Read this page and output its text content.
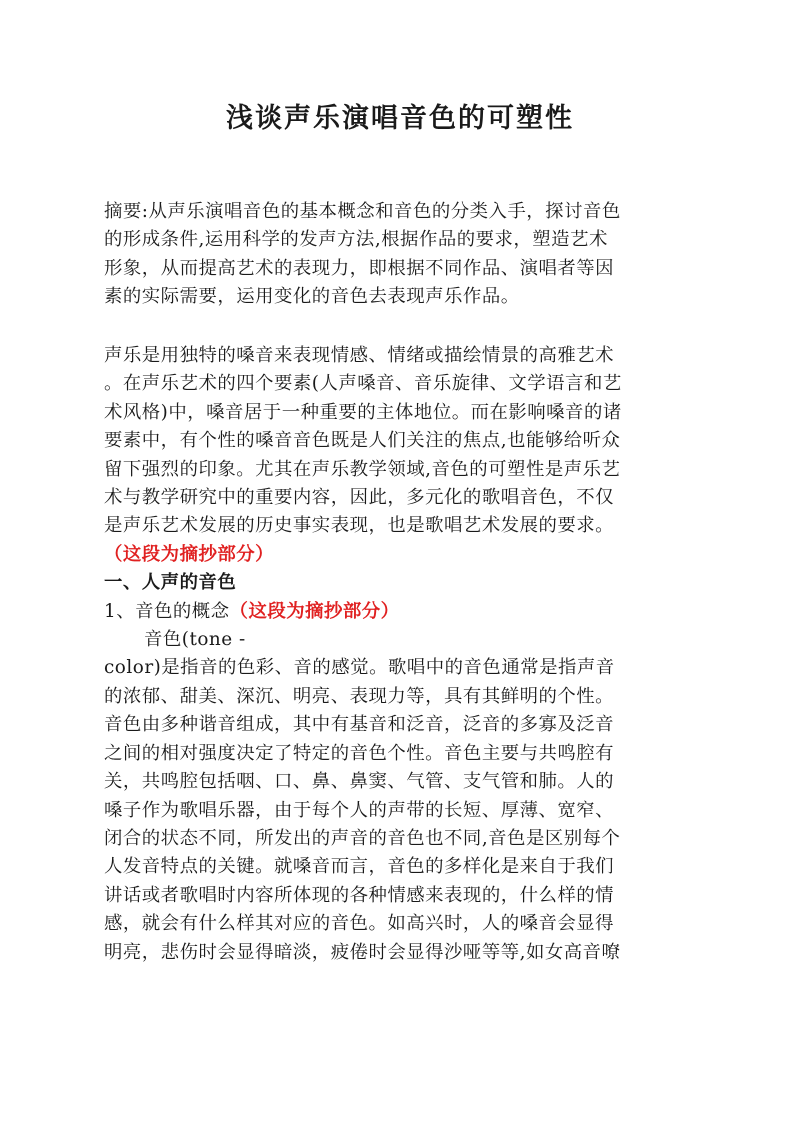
浅谈声乐演唱音色的可塑性

摘要:从声乐演唱音色的基本概念和音色的分类入手，探讨音色

的形成条件,运用科学的发声方法,根据作品的要求，塑造艺术

形象，从而提高艺术的表现力，即根据不同作品、演唱者等因

素的实际需要，运用变化的音色去表现声乐作品。

声乐是用独特的嗓音来表现情感、情绪或描绘情景的高雅艺术

。在声乐艺术的四个要素(人声嗓音、音乐旋律、文学语言和艺

术风格)中，嗓音居于一种重要的主体地位。而在影响嗓音的诸

要素中，有个性的嗓音音色既是人们关注的焦点,也能够给听众

留下强烈的印象。尤其在声乐教学领域,音色的可塑性是声乐艺

术与教学研究中的重要内容，因此，多元化的歌唱音色，不仅

是声乐艺术发展的历史事实表现，也是歌唱艺术发展的要求。

（这段为摘抄部分）

一、人声的音色

1、音色的概念（这段为摘抄部分）

音色(tone -

color)是指音的色彩、音的感觉。歌唱中的音色通常是指声音

的浓郁、甜美、深沉、明亮、表现力等，具有其鲜明的个性。

音色由多种谐音组成，其中有基音和泛音，泛音的多寡及泛音

之间的相对强度决定了特定的音色个性。音色主要与共鸣腔有

关，共鸣腔包括咽、口、鼻、鼻窦、气管、支气管和肺。人的

嗓子作为歌唱乐器，由于每个人的声带的长短、厚薄、宽窄、

闭合的状态不同，所发出的声音的音色也不同,音色是区别每个

人发音特点的关键。就嗓音而言，音色的多样化是来自于我们

讲话或者歌唱时内容所体现的各种情感来表现的，什么样的情

感，就会有什么样其对应的音色。如高兴时，人的嗓音会显得

明亮，悲伤时会显得暗淡，疲倦时会显得沙哑等等,如女高音嘹
